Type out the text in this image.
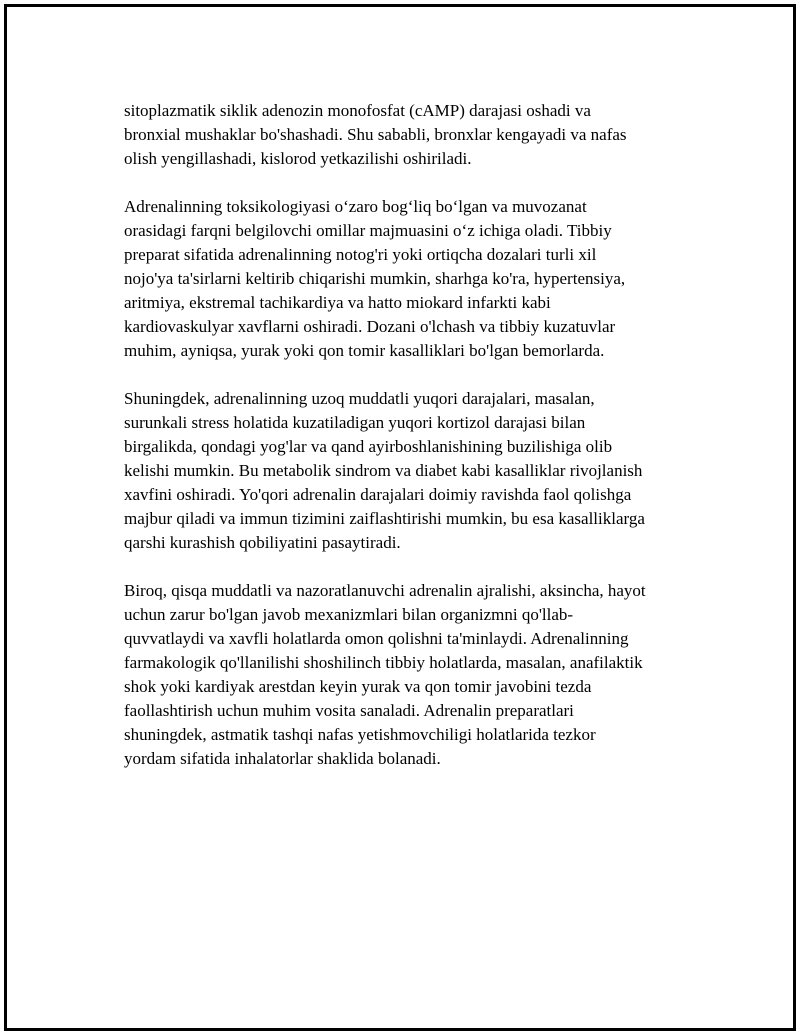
sitoplazmatik siklik adenozin monofosfat (cAMP) darajasi oshadi va
bronxial mushaklar bo'shashadi. Shu sababli, bronxlar kengayadi va nafas
olish yengillashadi, kislorod yetkazilishi oshiriladi.

Adrenalinning toksikologiyasi o‘zaro bog‘liq bo‘lgan va muvozanat
orasidagi farqni belgilovchi omillar majmuasini o‘z ichiga oladi. Tibbiy
preparat sifatida adrenalinning notog'ri yoki ortiqcha dozalari turli xil
nojo'ya ta'sirlarni keltirib chiqarishi mumkin, sharhga ko'ra, hypertensiya,
aritmiya, ekstremal tachikardiya va hatto miokard infarkti kabi
kardiovaskulyar xavflarni oshiradi. Dozani o'lchash va tibbiy kuzatuvlar
muhim, ayniqsa, yurak yoki qon tomir kasalliklari bo'lgan bemorlarda.

Shuningdek, adrenalinning uzoq muddatli yuqori darajalari, masalan,
surunkali stress holatida kuzatiladigan yuqori kortizol darajasi bilan
birgalikda, qondagi yog'lar va qand ayirboshlanishining buzilishiga olib
kelishi mumkin. Bu metabolik sindrom va diabet kabi kasalliklar rivojlanish
xavfini oshiradi. Yo'qori adrenalin darajalari doimiy ravishda faol qolishga
majbur qiladi va immun tizimini zaiflashtirishi mumkin, bu esa kasalliklarga
qarshi kurashish qobiliyatini pasaytiradi.

Biroq, qisqa muddatli va nazoratlanuvchi adrenalin ajralishi, aksincha, hayot
uchun zarur bo'lgan javob mexanizmlari bilan organizmni qo'llab-
quvvatlaydi va xavfli holatlarda omon qolishni ta'minlaydi. Adrenalinning
farmakologik qo'llanilishi shoshilinch tibbiy holatlarda, masalan, anafilaktik
shok yoki kardiyak arestdan keyin yurak va qon tomir javobini tezda
faollashtirish uchun muhim vosita sanaladi. Adrenalin preparatlari
shuningdek, astmatik tashqi nafas yetishmovchiligi holatlarida tezkor
yordam sifatida inhalatorlar shaklida bolanadi.
